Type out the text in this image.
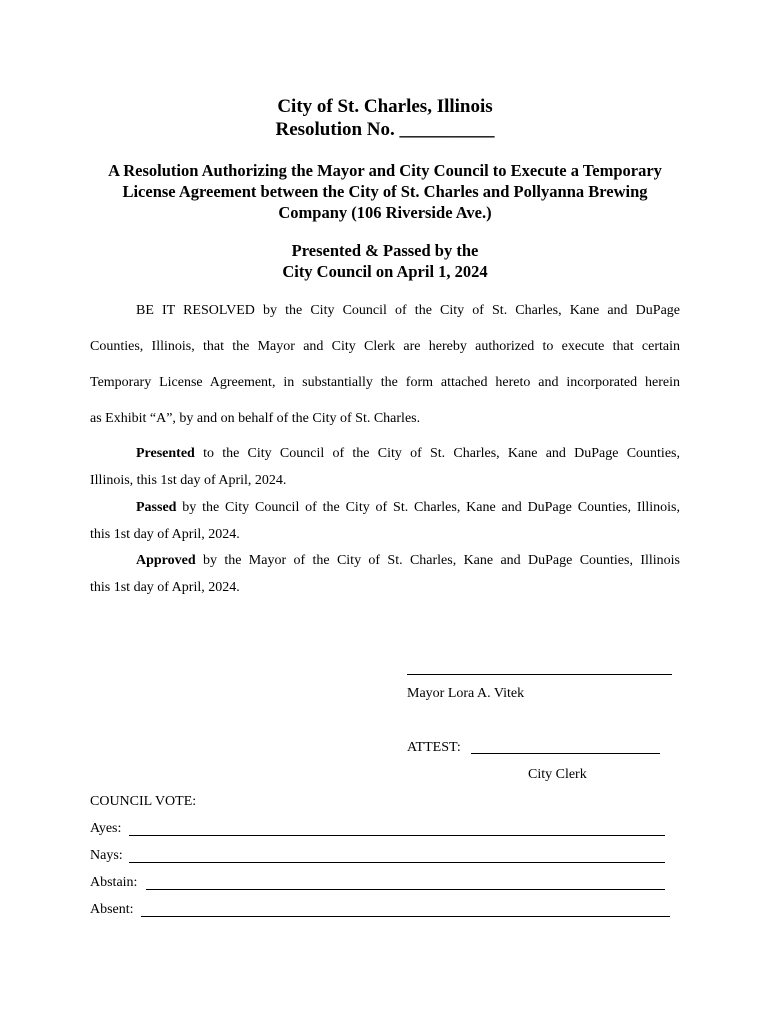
City of St. Charles, Illinois
Resolution No. __________
A Resolution Authorizing the Mayor and City Council to Execute a Temporary
License Agreement between the City of St. Charles and Pollyanna Brewing
Company (106 Riverside Ave.)
Presented & Passed by the
City Council on April 1, 2024
BE IT RESOLVED by the City Council of the City of St. Charles, Kane and DuPage
Counties, Illinois, that the Mayor and City Clerk are hereby authorized to execute that certain
Temporary License Agreement, in substantially the form attached hereto and incorporated herein
as Exhibit “A”, by and on behalf of the City of St. Charles.
Presented to the City Council of the City of St. Charles, Kane and DuPage Counties,
Illinois, this 1st day of April, 2024.
Passed by the City Council of the City of St. Charles, Kane and DuPage Counties, Illinois,
this 1st day of April, 2024.
Approved by the Mayor of the City of St. Charles, Kane and DuPage Counties, Illinois
this 1st day of April, 2024.
Mayor Lora A. Vitek
ATTEST:
City Clerk
COUNCIL VOTE:
Ayes:
Nays:
Abstain:
Absent:
